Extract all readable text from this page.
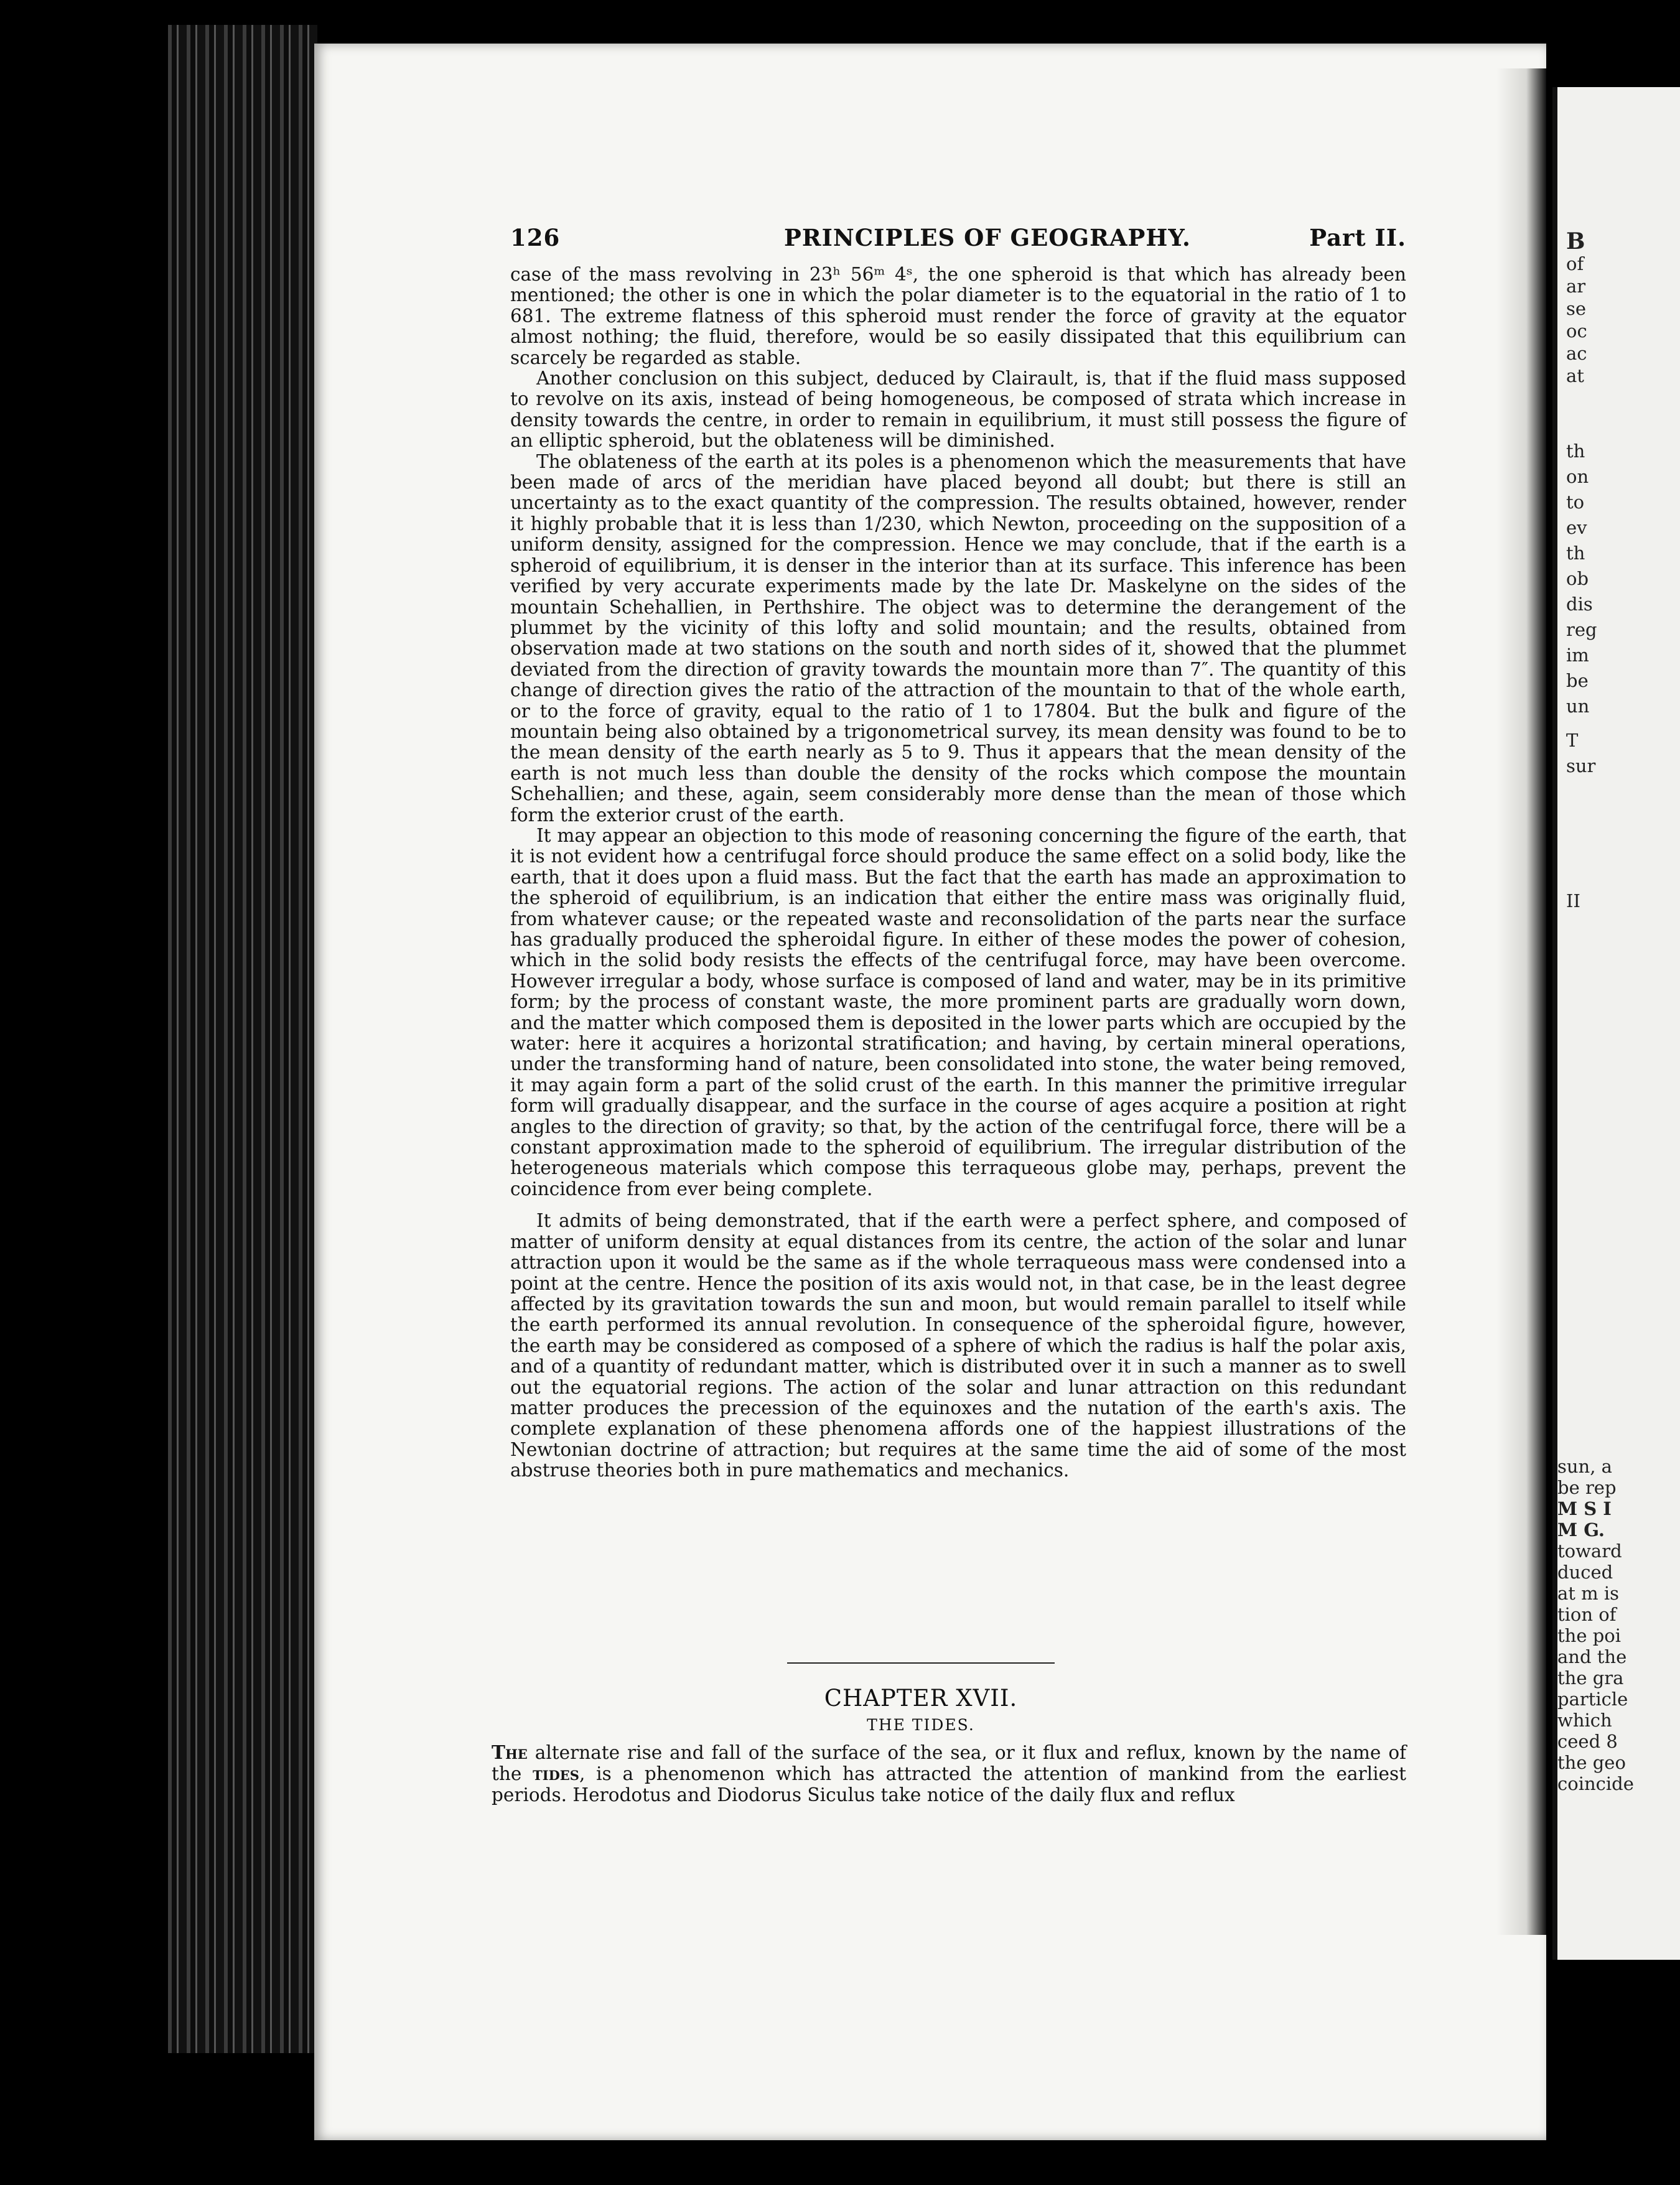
126	PRINCIPLES OF GEOGRAPHY.	Part II.

case of the mass revolving in 23ʰ 56ᵐ 4ˢ, the one spheroid is that which has already been mentioned; the other is one in which the polar diameter is to the equatorial in the ratio of 1 to 681. The extreme flatness of this spheroid must render the force of gravity at the equator almost nothing; the fluid, therefore, would be so easily dissipated that this equilibrium can scarcely be regarded as stable.

Another conclusion on this subject, deduced by Clairault, is, that if the fluid mass supposed to revolve on its axis, instead of being homogeneous, be composed of strata which increase in density towards the centre, in order to remain in equilibrium, it must still possess the figure of an elliptic spheroid, but the oblateness will be diminished.

The oblateness of the earth at its poles is a phenomenon which the measurements that have been made of arcs of the meridian have placed beyond all doubt; but there is still an uncertainty as to the exact quantity of the compression. The results obtained, however, render it highly probable that it is less than 1/230, which Newton, proceeding on the supposition of a uniform density, assigned for the compression. Hence we may conclude, that if the earth is a spheroid of equilibrium, it is denser in the interior than at its surface. This inference has been verified by very accurate experiments made by the late Dr. Maskelyne on the sides of the mountain Schehallien, in Perthshire. The object was to determine the derangement of the plummet by the vicinity of this lofty and solid mountain; and the results, obtained from observation made at two stations on the south and north sides of it, showed that the plummet deviated from the direction of gravity towards the mountain more than 7″. The quantity of this change of direction gives the ratio of the attraction of the mountain to that of the whole earth, or to the force of gravity, equal to the ratio of 1 to 17804. But the bulk and figure of the mountain being also obtained by a trigonometrical survey, its mean density was found to be to the mean density of the earth nearly as 5 to 9. Thus it appears that the mean density of the earth is not much less than double the density of the rocks which compose the mountain Schehallien; and these, again, seem considerably more dense than the mean of those which form the exterior crust of the earth.

It may appear an objection to this mode of reasoning concerning the figure of the earth, that it is not evident how a centrifugal force should produce the same effect on a solid body, like the earth, that it does upon a fluid mass. But the fact that the earth has made an approximation to the spheroid of equilibrium, is an indication that either the entire mass was originally fluid, from whatever cause; or the repeated waste and reconsolidation of the parts near the surface has gradually produced the spheroidal figure. In either of these modes the power of cohesion, which in the solid body resists the effects of the centrifugal force, may have been overcome. However irregular a body, whose surface is composed of land and water, may be in its primitive form; by the process of constant waste, the more prominent parts are gradually worn down, and the matter which composed them is deposited in the lower parts which are occupied by the water: here it acquires a horizontal stratification; and having, by certain mineral operations, under the transforming hand of nature, been consolidated into stone, the water being removed, it may again form a part of the solid crust of the earth. In this manner the primitive irregular form will gradually disappear, and the surface in the course of ages acquire a position at right angles to the direction of gravity; so that, by the action of the centrifugal force, there will be a constant approximation made to the spheroid of equilibrium. The irregular distribution of the heterogeneous materials which compose this terraqueous globe may, perhaps, prevent the coincidence from ever being complete.

It admits of being demonstrated, that if the earth were a perfect sphere, and composed of matter of uniform density at equal distances from its centre, the action of the solar and lunar attraction upon it would be the same as if the whole terraqueous mass were condensed into a point at the centre. Hence the position of its axis would not, in that case, be in the least degree affected by its gravitation towards the sun and moon, but would remain parallel to itself while the earth performed its annual revolution. In consequence of the spheroidal figure, however, the earth may be considered as composed of a sphere of which the radius is half the polar axis, and of a quantity of redundant matter, which is distributed over it in such a manner as to swell out the equatorial regions. The action of the solar and lunar attraction on this redundant matter produces the precession of the equinoxes and the nutation of the earth's axis. The complete explanation of these phenomena affords one of the happiest illustrations of the Newtonian doctrine of attraction; but requires at the same time the aid of some of the most abstruse theories both in pure mathematics and mechanics.

CHAPTER XVII.
THE TIDES.

The alternate rise and fall of the surface of the sea, or it flux and reflux, known by the name of the tides, is a phenomenon which has attracted the attention of mankind from the earliest periods. Herodotus and Diodorus Siculus take notice of the daily flux and reflux

B
of
ar
se
oc
ac
at
th
on
to
ev
th
ob
dis
reg
im
be
un
T
sur
II
sun, a
be rep
M S I
M G.
toward
duced
at m is
tion of
the poi
and the
the gra
particle
which
ceed 8
the geo
coincide
